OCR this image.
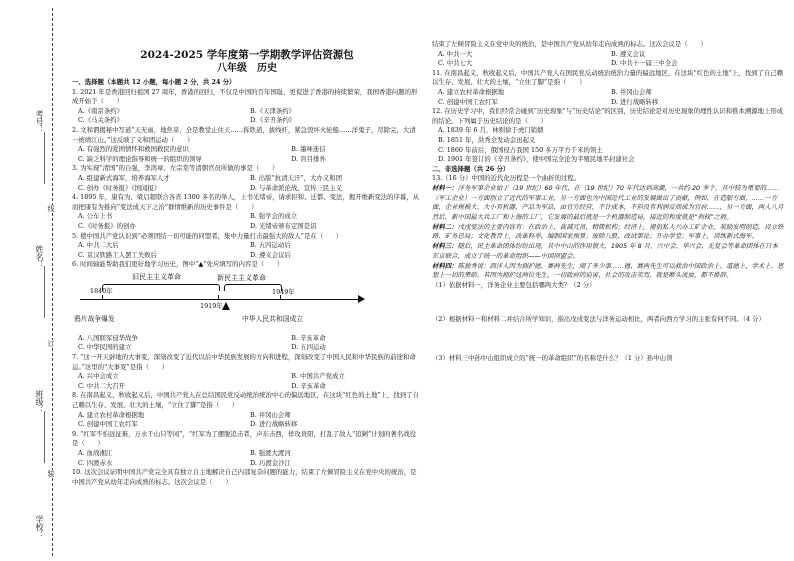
考号：
姓名：
班级：
学校：
线
订
装
2024-2025 学年度第一学期教学评估资源包
八年级　历史

一、选择题（本题共 12 小题，每小题 2 分，共 24 分）

1. 2021 年是香港回归祖国 27 周年，香港的回归，不仅是中国的百年国耻，更促进了香港的持续繁荣，我国香港问题的形成开始于（　　）

A.《南京条约》	B.《天津条约》
C.《马关条约》	D.《辛丑条约》

2. 文和谓揭秘中写道“天无雨，地焦旱，全是教堂止住天……拆铁道，拔线杆，紧急毁坏火轮船……洋鬼子，尽除完，大清一统靖江山。”这反映了义和团运动（　　）

A. 有强烈的爱国情怀和救国救民的意识	B. 墨味迷信
C. 缺乏科学的理论指导和统一的组织的领导	D. 盲目排外

3. 为实现“清国”的自强，李鸿章、左宗棠等清朝官员所做的事是（　　）

A. 组建新式海军，培养海军人才	B. 出版“抗清天汗”，大办义和团
C. 创办《时务报》《国闻报》	D. 与革命派论战，宣传三民主义

4. 1895 年，康有为、梁启超联合各省 1300 多名的举人，上书光绪帝，请求拒和、迁都、变法，揭开维新变法的序幕，从而把康有为推向“变法成天下之治”群情维新的历史事件是（　　）

A. 公车上书	B. 强学会的成立
C.《时务报》的创办	D. 光绪帝颁布定国是诏

5. 使中国共产党认识到“必须团结一切可能的同盟者，集中力量打击最强大的敌人”是在（　　）

A. 中共二大后	B. 五四运动后
C. 京汉铁路工人罢工失败后	D. 遵义会议后

6. 时间轴能帮助我们更好地学习历史，图中“▲”处应填写的内容是（　　）

旧民主主义革命	新民主主义革命
1840年
1919年
1949年
鸦片战争爆发	中华人民共和国成立
A. 八国联军侵华战争	B. 辛亥革命
C. 中华民国的建立	D. 五四运动

7. “这一开天辟地的大事变，深刻改变了近代以后中华民族发展的方向和进程，深刻改变了中国人民和中华民族的前途和命运。”这里的“大事变”是指（　　）

A. 兴中会成立	B. 中国共产党成立
C. 中共二大召开	D. 辛亥革命

8. 在南昌起义、秋收起义后，中国共产党人在总结国民党反动统治统治中心的偏远地区，在这块“红色的土地”上，找到了自己赖以生存、发展、壮大的土壤，“立住了脚”是指（　　）

A. 建立农村革命根据地	B. 井冈山会师
C. 创建中国工农红军	D. 进行战略转移

9. “红军不怕远征难，万水千山只等闲”，“红军为了摆脱追击者，声东击西，佯攻贵阳，打乱了敌人“追剿”计划的著名战役是（　　）

A. 血战湘江	B. 强渡大渡河
C. 四渡赤水	D. 巧渡金沙江

10. 这次会议证明中国共产党完全具有独立自主地解决自己内部复杂问题的能力，结束了左倾冒险主义在党中央的统治，是中国共产党从幼年走向成熟的标志。这次会议是（　　）

结束了左倾冒险主义在党中央的统治，是中国共产党从幼年走向成熟的标志。这次会议是（　　）

A. 中共一大	B. 遵义会议
C. 中共七大	D. 中共十一届三中全会

11. 在南昌起义、秋收起义后，中国共产党人在国民党反动统治统治力量的偏远地区，在这块“红色的土地”上，找到了自己赖以生存、发展、壮大的土壤，“立住了脚”是指（　　）

A. 建立农村革命根据地	B. 井冈山会师
C. 创建中国工农红军	D. 进行战略转移

12. 在历史学习中，我们经常会碰到“历史现象”与“历史结论”的区别，历史结论是对历史现象的理性认识和推本溯源地上形成的结论。下列属于历史结论的是（　　）

A. 1839 年 6 月，林则徐于虎门销烟
B. 1851 年，洪秀全发动金田起义
C. 1860 年前后，俄国侵占我国 150 多万平方千米的领土
D. 1901 年签订的《辛丑条约》，使中国完全沦为半殖民地半封建社会

二、非选择题（共 26 分）

13.（16 分）中国的近代化历程是一个曲折的过程。

材料一：洋务军事企业始于（19 世纪）60 年代，在（19 世纪）70 年代达到高潮，一共约 20 多个，其中较为重要的……（军工企业）一方面创立了近代的军事工业，另一方面也为中国近代工业的发展做出了贡献，例如，在造船方面，……一方面，企业规模大、大小有机器，产品为军品，由官方经营，不计成本，不但没有利润反而成为官府……，另一方面，两人八月然后，新中国最大兵工厂和上海的工厂，它发展的最后就是一个机器制造局，接近的程度就是“利权”之般。

材料二：戊戌变法的主要内容有：在政治上，裁减冗员，精简机构；经济上，提倡私人兴办工矿企业，奖励发明创造，设立铁路、矿务总局；文化教育上，改革科举，编制国家预算；废除八股，改试策论；开办学堂；军事上，训练新式海军。

材料三：随后，民主革命团体纷纷出现，其中中山的作用很大，1905 年 8 月，兴中会、华兴会、光复会等革命团体在日本东京联合，成立了统一的革命组织——中国同盟会。

材料四：陈独秀说：西洋人因为拥护德、赛两先生，闹了多少事……德、赛两先生可以救治中国政治上、道德上、学术上、思想上一切的黑暗。若因为拥护这两位先生，一切政府的迫害、社会的攻击笑骂，就是断头流血，都不推辞。

（1）依据材料一，洋务企业主要包括哪两大类？（2 分）

（2）根据材料一和材料二并结合所学知识，指出戊戌变法与洋务运动相比，两者向西方学习的主张有何不同。（4 分）

（3）材料三中孙中山组织成立的“统一的革命组织”的名称是什么？（1 分）孙中山领
